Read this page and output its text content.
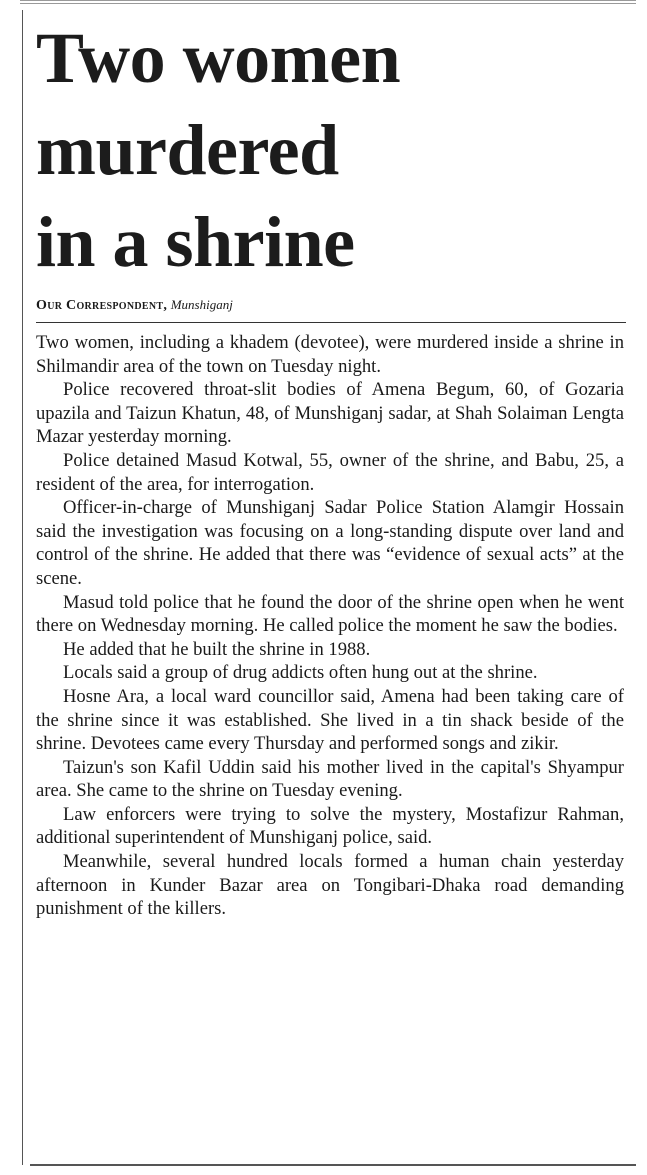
Two women
murdered
in a shrine
Our Correspondent, Munshiganj

Two women, including a khadem (devotee), were murdered inside a shrine in Shilmandir area of the town on Tuesday night.

Police recovered throat-slit bodies of Amena Begum, 60, of Gozaria upazila and Taizun Khatun, 48, of Munshiganj sadar, at Shah Solaiman Lengta Mazar yesterday morning.

Police detained Masud Kotwal, 55, owner of the shrine, and Babu, 25, a resident of the area, for interrogation.

Officer-in-charge of Munshiganj Sadar Police Station Alamgir Hossain said the investigation was focusing on a long-standing dispute over land and control of the shrine. He added that there was “evidence of sexual acts” at the scene.

Masud told police that he found the door of the shrine open when he went there on Wednesday morning. He called police the moment he saw the bodies.

He added that he built the shrine in 1988.

Locals said a group of drug addicts often hung out at the shrine.

Hosne Ara, a local ward councillor said, Amena had been taking care of the shrine since it was established. She lived in a tin shack beside of the shrine. Devotees came every Thursday and performed songs and zikir.

Taizun's son Kafil Uddin said his mother lived in the capital's Shyampur area. She came to the shrine on Tuesday evening.

Law enforcers were trying to solve the mystery, Mostafizur Rahman, additional superintendent of Munshiganj police, said.

Meanwhile, several hundred locals formed a human chain yesterday afternoon in Kunder Bazar area on Tongibari-Dhaka road demanding punishment of the killers.
